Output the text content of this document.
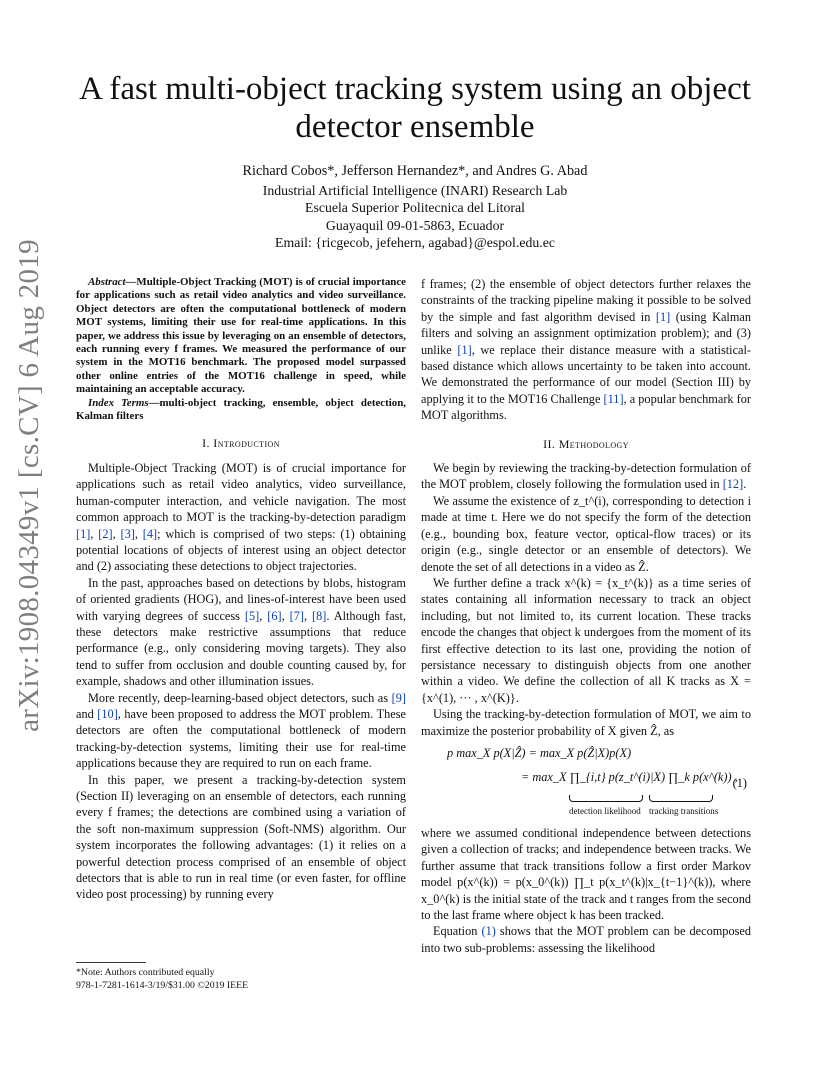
arXiv:1908.04349v1 [cs.CV] 6 Aug 2019
A fast multi-object tracking system using an object detector ensemble
Richard Cobos*, Jefferson Hernandez*, and Andres G. Abad
Industrial Artificial Intelligence (INARI) Research Lab
Escuela Superior Politecnica del Litoral
Guayaquil 09-01-5863, Ecuador
Email: {ricgecob, jefehern, agabad}@espol.edu.ec

Abstract—Multiple-Object Tracking (MOT) is of crucial importance for applications such as retail video analytics and video surveillance. Object detectors are often the computational bottleneck of modern MOT systems, limiting their use for real-time applications. In this paper, we address this issue by leveraging on an ensemble of detectors, each running every f frames. We measured the performance of our system in the MOT16 benchmark. The proposed model surpassed other online entries of the MOT16 challenge in speed, while maintaining an acceptable accuracy.

Index Terms—multi-object tracking, ensemble, object detection, Kalman filters

I. Introduction

Multiple-Object Tracking (MOT) is of crucial importance for applications such as retail video analytics, video surveillance, human-computer interaction, and vehicle navigation. The most common approach to MOT is the tracking-by-detection paradigm [1], [2], [3], [4]; which is comprised of two steps: (1) obtaining potential locations of objects of interest using an object detector and (2) associating these detections to object trajectories.

In the past, approaches based on detections by blobs, histogram of oriented gradients (HOG), and lines-of-interest have been used with varying degrees of success [5], [6], [7], [8]. Although fast, these detectors make restrictive assumptions that reduce performance (e.g., only considering moving targets). They also tend to suffer from occlusion and double counting caused by, for example, shadows and other illumination issues.

More recently, deep-learning-based object detectors, such as [9] and [10], have been proposed to address the MOT problem. These detectors are often the computational bottleneck of modern tracking-by-detection systems, limiting their use for real-time applications because they are required to run on each frame.

In this paper, we present a tracking-by-detection system (Section II) leveraging on an ensemble of detectors, each running every f frames; the detections are combined using a variation of the soft non-maximum suppression (Soft-NMS) algorithm. Our system incorporates the following advantages: (1) it relies on a powerful detection process comprised of an ensemble of object detectors that is able to run in real time (or even faster, for offline video post processing) by running every

f frames; (2) the ensemble of object detectors further relaxes the constraints of the tracking pipeline making it possible to be solved by the simple and fast algorithm devised in [1] (using Kalman filters and solving an assignment optimization problem); and (3) unlike [1], we replace their distance measure with a statistical-based distance which allows uncertainty to be taken into account. We demonstrated the performance of our model (Section III) by applying it to the MOT16 Challenge [11], a popular benchmark for MOT algorithms.

II. Methodology

We begin by reviewing the tracking-by-detection formulation of the MOT problem, closely following the formulation used in [12].

We assume the existence of z_t^(i), corresponding to detection i made at time t. Here we do not specify the form of the detection (e.g., bounding box, feature vector, optical-flow traces) or its origin (e.g., single detector or an ensemble of detectors). We denote the set of all detections in a video as Ẑ.

We further define a track x^(k) = {x_t^(k)} as a time series of states containing all information necessary to track an object including, but not limited to, its current location. These tracks encode the changes that object k undergoes from the moment of its first effective detection to its last one, providing the notion of persistance necessary to distinguish objects from one another within a video. We define the collection of all K tracks as X = {x^(1), ··· , x^(K)}.

Using the tracking-by-detection formulation of MOT, we aim to maximize the posterior probability of X given Ẑ, as

p max_X p(X|Ẑ) = max_X p(Ẑ|X)p(X)
= max_X ∏_{i,t} p(z_t^(i)|X) ∏_k p(x^(k)) ,
(1)
detection likelihood tracking transitions

where we assumed conditional independence between detections given a collection of tracks; and independence between tracks. We further assume that track transitions follow a first order Markov model p(x^(k)) = p(x_0^(k)) ∏_t p(x_t^(k)|x_{t−1}^(k)), where x_0^(k) is the initial state of the track and t ranges from the second to the last frame where object k has been tracked.

Equation (1) shows that the MOT problem can be decomposed into two sub-problems: assessing the likelihood

*Note: Authors contributed equally
978-1-7281-1614-3/19/$31.00 ©2019 IEEE
